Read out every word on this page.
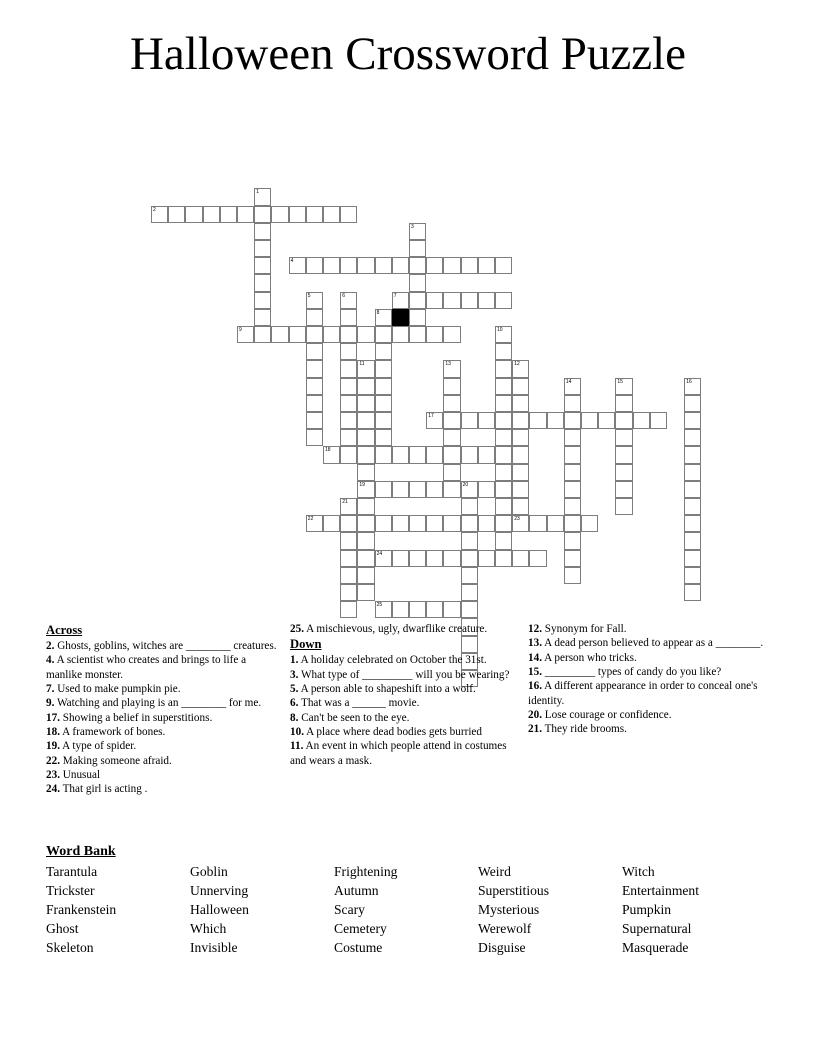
Halloween Crossword Puzzle
1
2
3
4
5	6	7
8
9	10
11
19
12
23
13
14	15	16
17
18
20
21
22
24
25
Across

2. Ghosts, goblins, witches are ________ creatures.

4. A scientist who creates and brings to life a manlike monster.

7. Used to make pumpkin pie.

9. Watching and playing is an ________ for me.

17. Showing a belief in superstitions.

18. A framework of bones.

19. A type of spider.

22. Making someone afraid.

23. Unusual

24. That girl is acting .

25. A mischievous, ugly, dwarflike creature.

Down

1. A holiday celebrated on October the 31st.

3. What type of _________ will you be wearing?

5. A person able to shapeshift into a wolf.

6. That was a ______ movie.

8. Can't be seen to the eye.

10. A place where dead bodies gets burried

11. An event in which people attend in costumes and wears a mask.

12. Synonym for Fall.

13. A dead person believed to appear as a ________.

14. A person who tricks.

15. _________ types of candy do you like?

16. A different appearance in order to conceal one's identity.

20. Lose courage or confidence.

21. They ride brooms.

Word Bank
Tarantula	Goblin	Frightening	Weird	Witch
Trickster	Unnerving	Autumn	Superstitious	Entertainment
Frankenstein	Halloween	Scary	Mysterious	Pumpkin
Ghost	Which	Cemetery	Werewolf	Supernatural
Skeleton	Invisible	Costume	Disguise	Masquerade
